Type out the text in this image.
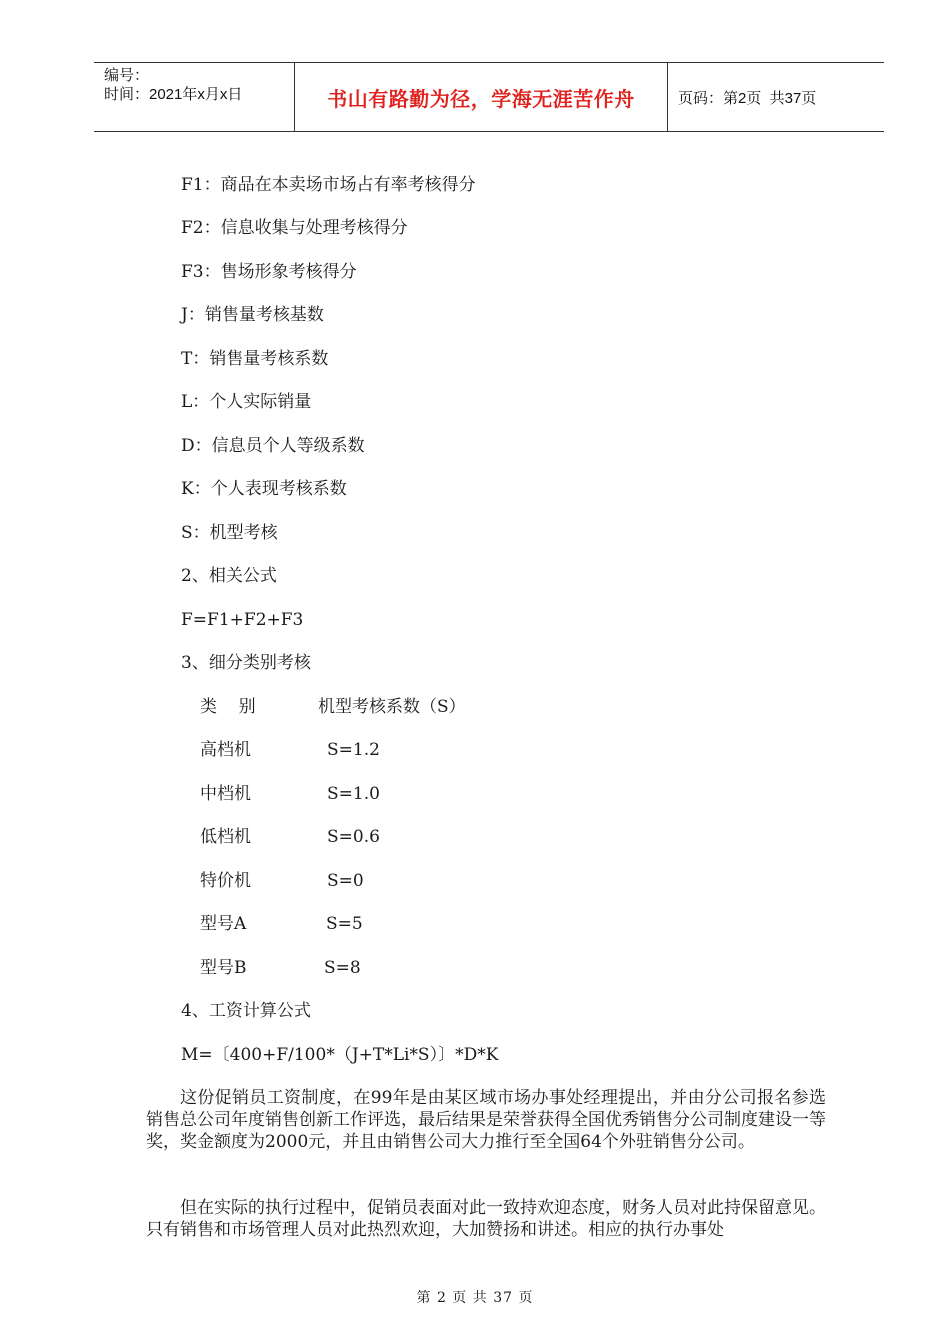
编号：
时间：2021年x月x日	书山有路勤为径，学海无涯苦作舟	页码：第2页  共37页
F1：商品在本卖场市场占有率考核得分
F2：信息收集与处理考核得分
F3：售场形象考核得分
J：销售量考核基数
T：销售量考核系数
L：个人实际销量
D：信息员个人等级系数
K：个人表现考核系数
S：机型考核
2、相关公式
F=F1+F2+F3
3、细分类别考核
类    别	机型考核系数（S）
高档机	S=1.2
中档机	S=1.0
低档机	S=0.6
特价机	S=0
型号A	S=5
型号B	S=8
4、工资计算公式
M=〔400+F/100*（J+T*Li*S）〕*D*K
这份促销员工资制度，在99年是由某区域市场办事处经理提出，并由分公司报名参选销售总公司年度销售创新工作评选，最后结果是荣誉获得全国优秀销售分公司制度建设一等奖，奖金额度为2000元，并且由销售公司大力推行至全国64个外驻销售分公司。
但在实际的执行过程中，促销员表面对此一致持欢迎态度，财务人员对此持保留意见。只有销售和市场管理人员对此热烈欢迎，大加赞扬和讲述。相应的执行办事处
第 2 页 共 37 页
